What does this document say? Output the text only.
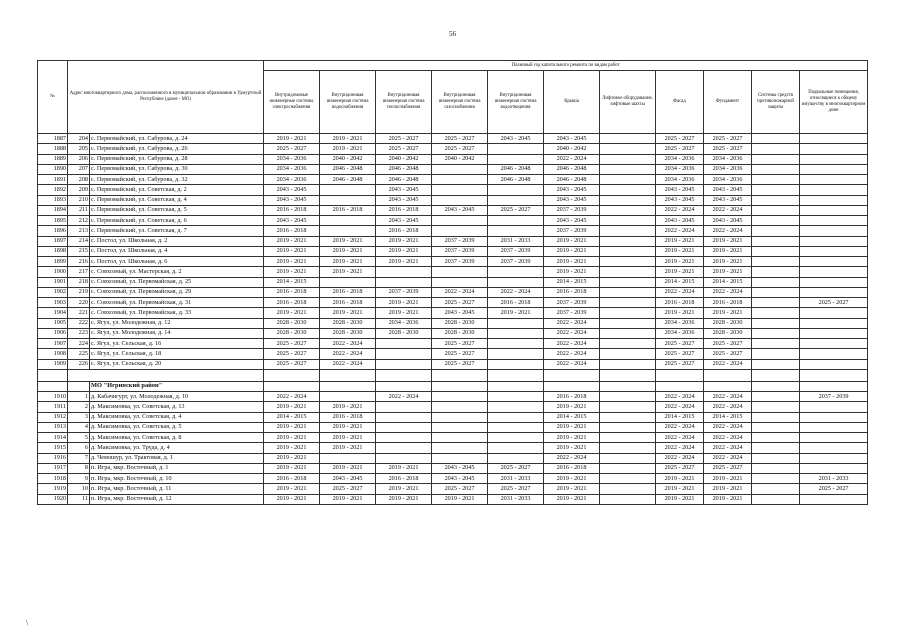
56
№	Адрес многоквартирного дома, расположенного в муниципальном образовании в Удмуртской Республике (далее - МО)		Плановый год капитального ремонта по видам работ										
			Внутридомовые инженерные системы электроснабжения	Внутридомовая инженерная система водоснабжения	Внутридомовая инженерная система теплоснабжения	Внутридомовая инженерная система газоснабжения	Внутридомовая инженерная система водоотведения	Крыша	Лифтовое оборудование, лифтовые шахты	Фасад	Фундамент	Системы средств противопожарной защиты	Подвальные помещения, относящиеся к общему имуществу в многоквартирном доме
1887	204	с. Первомайский, ул. Сабурова, д. 24	2019 - 2021	2019 - 2021	2025 - 2027	2025 - 2027	2043 - 2045	2043 - 2045		2025 - 2027	2025 - 2027		
1888	205	с. Первомайский, ул. Сабурова, д. 26	2025 - 2027	2019 - 2021	2025 - 2027	2025 - 2027		2040 - 2042		2025 - 2027	2025 - 2027		
1889	206	с. Первомайский, ул. Сабурова, д. 28	2034 - 2036	2040 - 2042	2040 - 2042	2040 - 2042		2022 - 2024		2034 - 2036	2034 - 2036		
1890	207	с. Первомайский, ул. Сабурова, д. 30	2034 - 2036	2046 - 2048	2046 - 2048		2046 - 2048	2046 - 2048		2034 - 2036	2034 - 2036		
1891	208	с. Первомайский, ул. Сабурова, д. 32	2034 - 2036	2046 - 2048	2046 - 2048		2046 - 2048	2046 - 2048		2034 - 2036	2034 - 2036		
1892	209	с. Первомайский, ул. Советская, д. 2	2043 - 2045		2043 - 2045			2043 - 2045		2043 - 2045	2043 - 2045		
1893	210	с. Первомайский, ул. Советская, д. 4	2043 - 2045		2043 - 2045			2043 - 2045		2043 - 2045	2043 - 2045		
1894	211	с. Первомайский, ул. Советская, д. 5	2016 - 2018	2016 - 2018	2016 - 2018	2043 - 2045	2025 - 2027	2037 - 2039		2022 - 2024	2022 - 2024		
1895	212	с. Первомайский, ул. Советская, д. 6	2043 - 2045		2043 - 2045			2043 - 2045		2043 - 2045	2043 - 2045		
1896	213	с. Первомайский, ул. Советская, д. 7	2016 - 2018		2016 - 2018			2037 - 2039		2022 - 2024	2022 - 2024		
1897	214	с. Постол, ул. Школьная, д. 2	2019 - 2021	2019 - 2021	2019 - 2021	2037 - 2039	2031 - 2033	2019 - 2021		2019 - 2021	2019 - 2021		
1898	215	с. Постол, ул. Школьная, д. 4	2019 - 2021	2019 - 2021	2019 - 2021	2037 - 2039	2037 - 2039	2019 - 2021		2019 - 2021	2019 - 2021		
1899	216	с. Постол, ул. Школьная, д. 6	2019 - 2021	2019 - 2021	2019 - 2021	2037 - 2039	2037 - 2039	2019 - 2021		2019 - 2021	2019 - 2021		
1900	217	с. Совхозный, ул. Мастерская, д. 2	2019 - 2021	2019 - 2021				2019 - 2021		2019 - 2021	2019 - 2021		
1901	218	с. Совхозный, ул. Первомайская, д. 25	2014 - 2015					2014 - 2015		2014 - 2015	2014 - 2015		
1902	219	с. Совхозный, ул. Первомайская, д. 29	2016 - 2018	2016 - 2018	2037 - 2039	2022 - 2024	2022 - 2024	2016 - 2018		2022 - 2024	2022 - 2024		
1903	220	с. Совхозный, ул. Первомайская, д. 31	2016 - 2018	2016 - 2018	2019 - 2021	2025 - 2027	2016 - 2018	2037 - 2039		2016 - 2018	2016 - 2018		2025 - 2027
1904	221	с. Совхозный, ул. Первомайская, д. 33	2019 - 2021	2019 - 2021	2019 - 2021	2043 - 2045	2019 - 2021	2037 - 2039		2019 - 2021	2019 - 2021		
1905	222	с. Ягул, ул. Молодежная, д. 12	2028 - 2030	2028 - 2030	2034 - 2036	2028 - 2030		2022 - 2024		2034 - 2036	2028 - 2030		
1906	223	с. Ягул, ул. Молодежная, д. 14	2028 - 2030	2028 - 2030	2028 - 2030	2028 - 2030		2022 - 2024		2034 - 2036	2028 - 2030		
1907	224	с. Ягул, ул. Сельская, д. 16	2025 - 2027	2022 - 2024		2025 - 2027		2022 - 2024		2025 - 2027	2025 - 2027		
1908	225	с. Ягул, ул. Сельская, д. 18	2025 - 2027	2022 - 2024		2025 - 2027		2022 - 2024		2025 - 2027	2025 - 2027		
1909	226	с. Ягул, ул. Сельская, д. 20	2025 - 2027	2022 - 2024		2025 - 2027		2022 - 2024		2025 - 2027	2022 - 2024		

		МО "Игринский район"											
1910	1	д. Кабачигурт, ул. Молодежная, д. 10	2022 - 2024		2022 - 2024			2016 - 2018		2022 - 2024	2022 - 2024		2037 - 2039
1911	2	д. Максимовка, ул. Советская, д. 13	2019 - 2021	2019 - 2021				2019 - 2021		2022 - 2024	2022 - 2024		
1912	3	д. Максимовка, ул. Советская, д. 4	2014 - 2015	2016 - 2018				2014 - 2015		2014 - 2015	2014 - 2015		
1913	4	д. Максимовка, ул. Советская, д. 5	2019 - 2021	2019 - 2021				2019 - 2021		2022 - 2024	2022 - 2024		
1914	5	д. Максимовка, ул. Советская, д. 8	2019 - 2021	2019 - 2021				2019 - 2021		2022 - 2024	2022 - 2024		
1915	6	д. Максимовка, ул. Труда, д. 4	2019 - 2021	2019 - 2021				2019 - 2021		2022 - 2024	2022 - 2024		
1916	7	д. Чемошур, ул. Трактовая, д. 1	2019 - 2021					2022 - 2024		2022 - 2024	2022 - 2024		
1917	8	п. Игра, мкр. Восточный, д. 1	2019 - 2021	2019 - 2021	2019 - 2021	2043 - 2045	2025 - 2027	2016 - 2018		2025 - 2027	2025 - 2027		
1918	9	п. Игра, мкр. Восточный, д. 10	2016 - 2018	2043 - 2045	2016 - 2018	2043 - 2045	2031 - 2033	2019 - 2021		2019 - 2021	2019 - 2021		2031 - 2033
1919	10	п. Игра, мкр. Восточный, д. 11	2019 - 2021	2025 - 2027	2019 - 2021	2025 - 2027	2025 - 2027	2019 - 2021		2019 - 2021	2019 - 2021		2025 - 2027
1920	11	п. Игра, мкр. Восточный, д. 12	2019 - 2021	2019 - 2021	2019 - 2021	2019 - 2021	2031 - 2033	2019 - 2021		2019 - 2021	2019 - 2021		
/
